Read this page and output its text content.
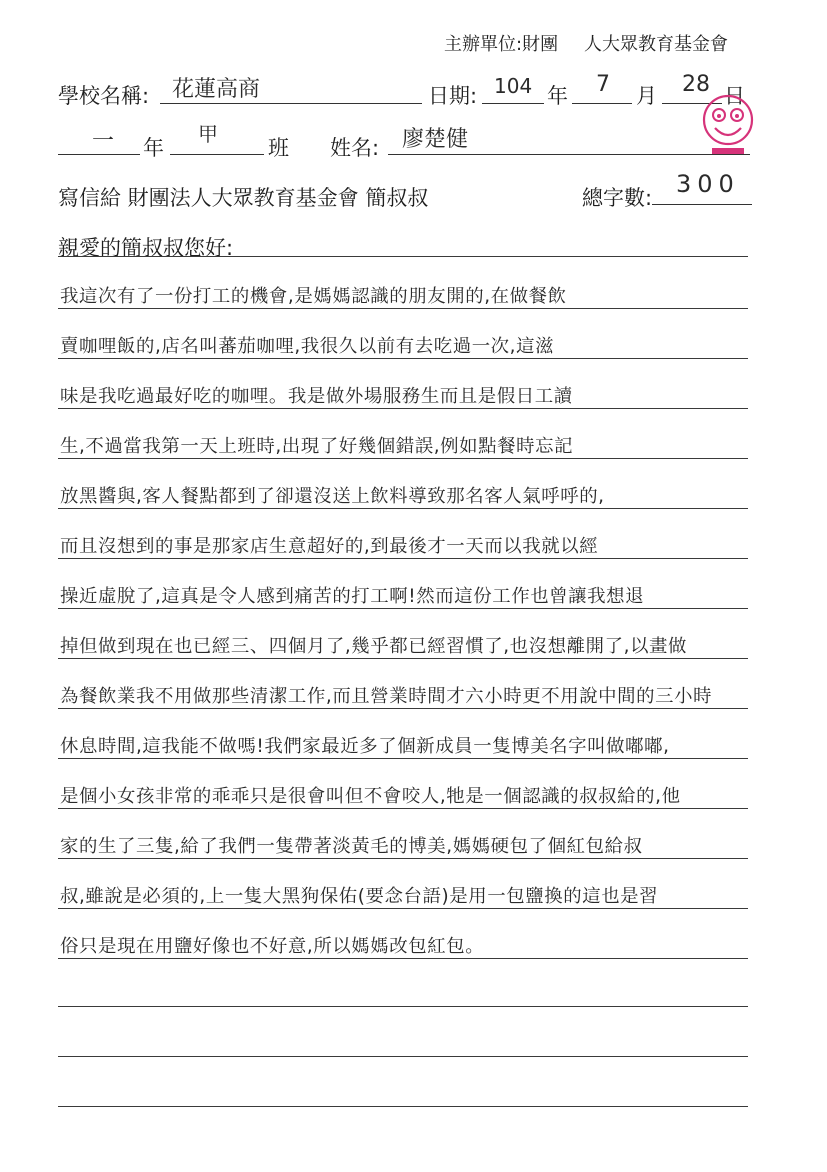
主辦單位:財團 人大眾教育基金會
學校名稱: 花蓮高商	日期: 104 年 7 月 28 日
一 年
甲
班 姓名: 廖楚健
寫信給 財團法人大眾教育基金會 簡叔叔	總字數: 300
親愛的簡叔叔您好:
我這次有了一份打工的機會,是媽媽認識的朋友開的,在做餐飲
賣咖哩飯的,店名叫蕃茄咖哩,我很久以前有去吃過一次,這滋
味是我吃過最好吃的咖哩。我是做外場服務生而且是假日工讀
生,不過當我第一天上班時,出現了好幾個錯誤,例如點餐時忘記
放黑醬與,客人餐點都到了卻還沒送上飲料導致那名客人氣呼呼的,
而且沒想到的事是那家店生意超好的,到最後才一天而以我就以經
操近虛脫了,這真是令人感到痛苦的打工啊!然而這份工作也曾讓我想退
掉但做到現在也已經三、四個月了,幾乎都已經習慣了,也沒想離開了,以畫做
為餐飲業我不用做那些清潔工作,而且營業時間才六小時更不用說中間的三小時
休息時間,這我能不做嗎!我們家最近多了個新成員一隻博美名字叫做嘟嘟,
是個小女孩非常的乖乖只是很會叫但不會咬人,牠是一個認識的叔叔給的,他
家的生了三隻,給了我們一隻帶著淡黃毛的博美,媽媽硬包了個紅包給叔
叔,雖說是必須的,上一隻大黑狗保佑(要念台語)是用一包鹽換的這也是習
俗只是現在用鹽好像也不好意,所以媽媽改包紅包。
